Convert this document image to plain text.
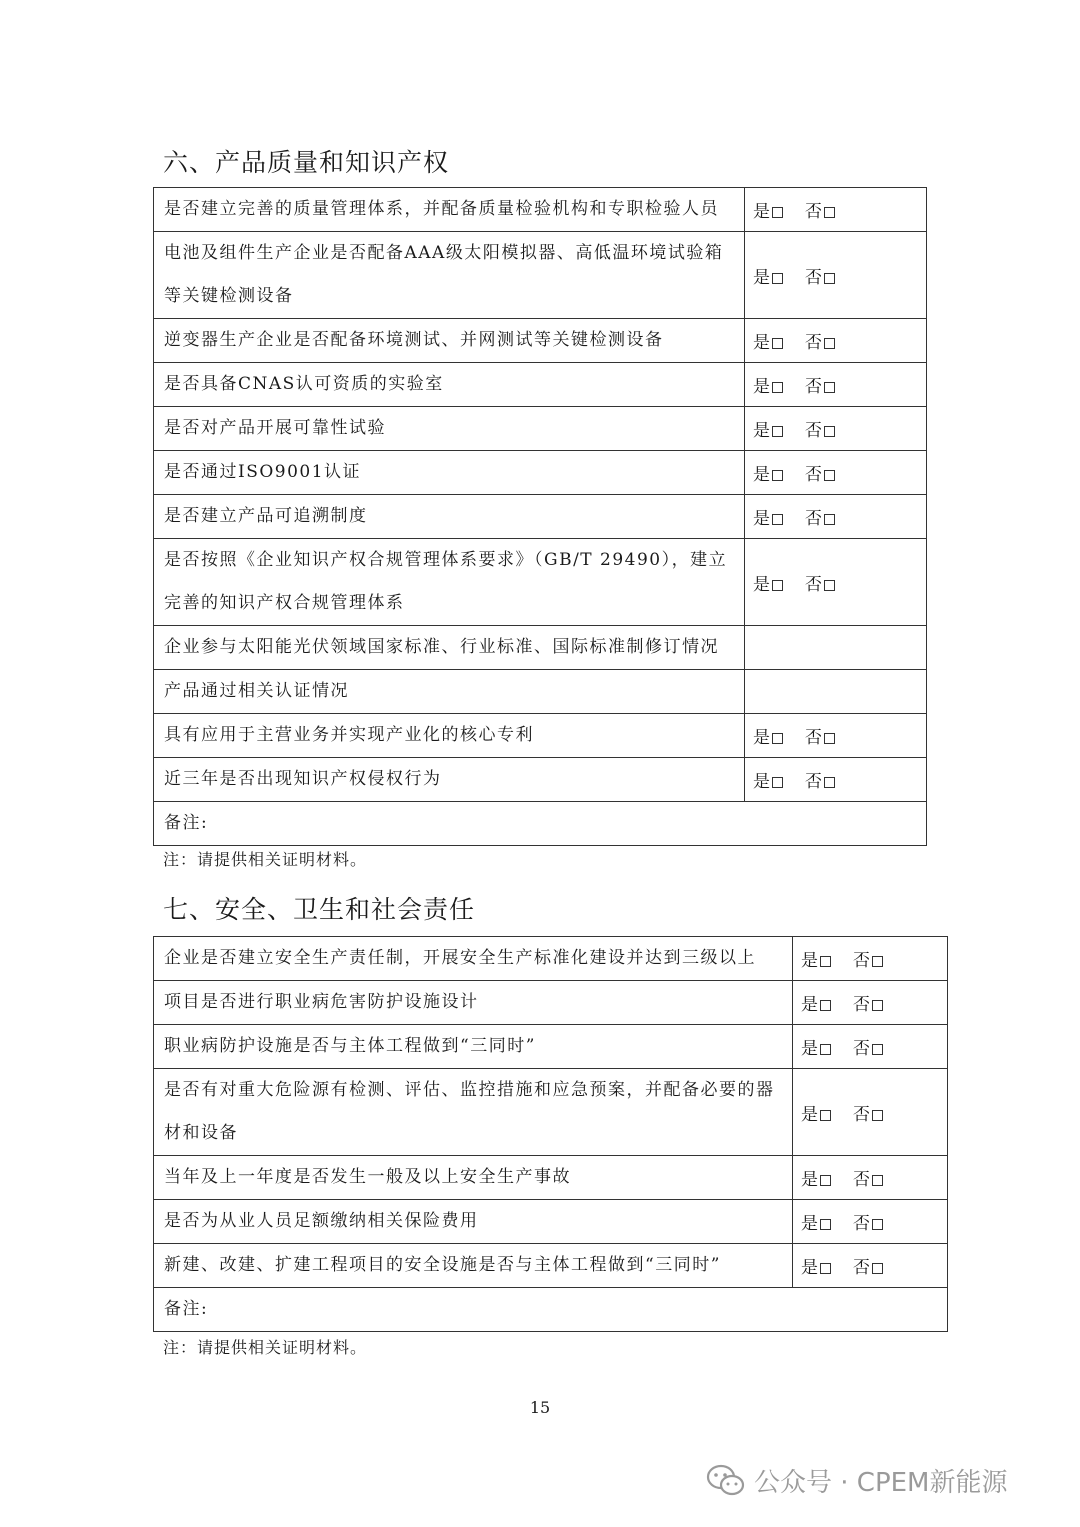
六、产品质量和知识产权
是否建立完善的质量管理体系，并配备质量检验机构和专职检验人员	是 否
电池及组件生产企业是否配备AAA级太阳模拟器、高低温环境试验箱等关键检测设备	是 否
逆变器生产企业是否配备环境测试、并网测试等关键检测设备	是 否
是否具备CNAS认可资质的实验室	是 否
是否对产品开展可靠性试验	是 否
是否通过ISO9001认证	是 否
是否建立产品可追溯制度	是 否
是否按照《企业知识产权合规管理体系要求》（GB/T 29490），建立完善的知识产权合规管理体系	是 否
企业参与太阳能光伏领域国家标准、行业标准、国际标准制修订情况	
产品通过相关认证情况	
具有应用于主营业务并实现产业化的核心专利	是 否
近三年是否出现知识产权侵权行为	是 否
备注:	
注：请提供相关证明材料。
七、安全、卫生和社会责任
企业是否建立安全生产责任制，开展安全生产标准化建设并达到三级以上	是 否
项目是否进行职业病危害防护设施设计	是 否
职业病防护设施是否与主体工程做到“三同时”	是 否
是否有对重大危险源有检测、评估、监控措施和应急预案，并配备必要的器材和设备	是 否
当年及上一年度是否发生一般及以上安全生产事故	是 否
是否为从业人员足额缴纳相关保险费用	是 否
新建、改建、扩建工程项目的安全设施是否与主体工程做到“三同时”	是 否
备注:	
注：请提供相关证明材料。
15
公众号 · CPEM新能源
